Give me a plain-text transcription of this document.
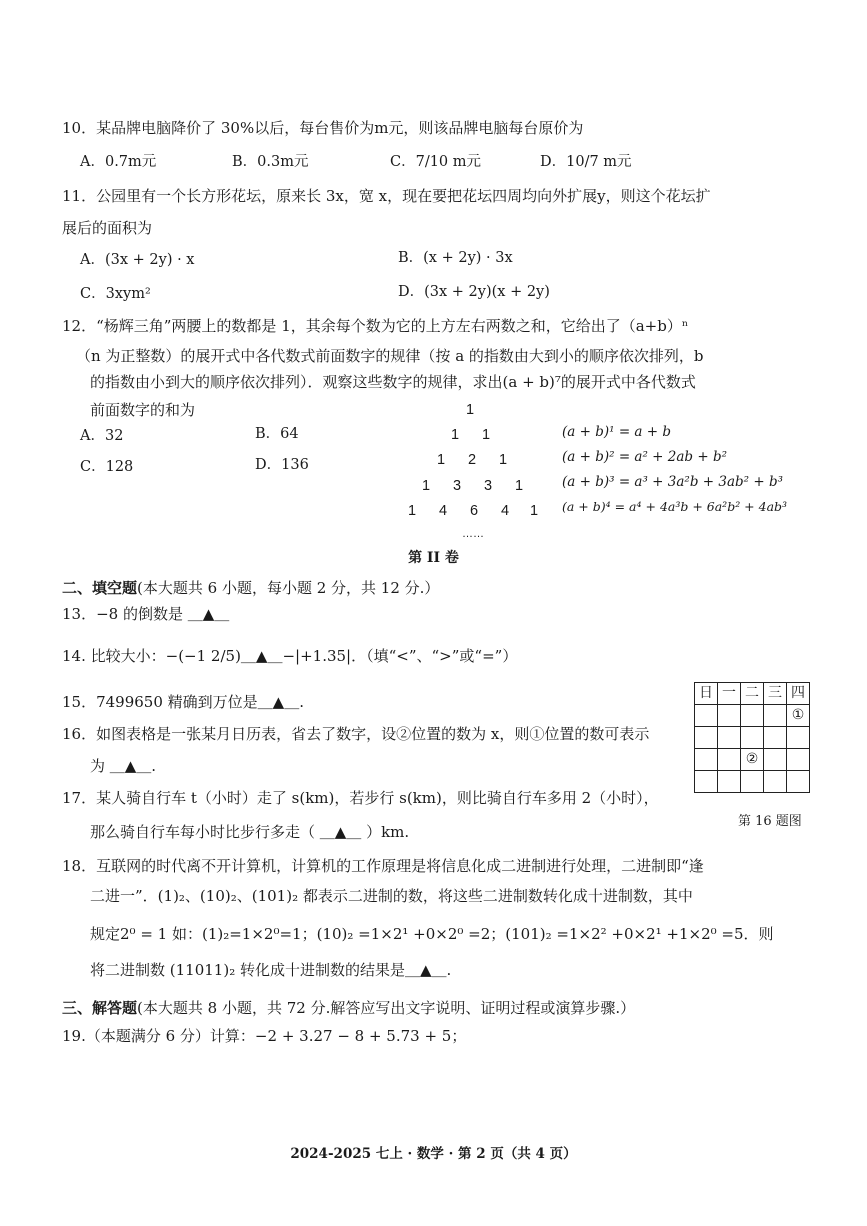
10．某品牌电脑降价了 30%以后，每台售价为m元，则该品牌电脑每台原价为
A．0.7m元	B．0.3m元	C．7/10 m元	D．10/7 m元
11．公园里有一个长方形花坛，原来长 3x，宽 x，现在要把花坛四周均向外扩展y，则这个花坛扩
展后的面积为
A．(3x + 2y) · x	B．(x + 2y) · 3x
C．3xym²	D．(3x + 2y)(x + 2y)
12．“杨辉三角”两腰上的数都是 1，其余每个数为它的上方左右两数之和，它给出了（a+b）ⁿ
（n 为正整数）的展开式中各代数式前面数字的规律（按 a 的指数由大到小的顺序依次排列，b
的指数由小到大的顺序依次排列）．观察这些数字的规律，求出(a + b)⁷的展开式中各代数式
前面数字的和为
A．32	B．64
C．128	D．136
1
1 1
1 2 1
1 3 3 1
1 4 6 4 1
……
(a + b)¹ = a + b
(a + b)² = a² + 2ab + b²
(a + b)³ = a³ + 3a²b + 3ab² + b³
(a + b)⁴ = a⁴ + 4a³b + 6a²b² + 4ab³
第 II 卷
二、填空题(本大题共 6 小题，每小题 2 分，共 12 分.）
13．−8 的倒数是 ＿▲＿
14. 比较大小：−(−1 2/5)＿▲＿−|+1.35|．（填“<”、“>”或“=”）
15．7499650 精确到万位是＿▲＿.
16．如图表格是一张某月日历表，省去了数字，设②位置的数为 x，则①位置的数可表示
为 ＿▲＿.
日	一	二	三	四
				①

		②		

第 16 题图
17．某人骑自行车 t（小时）走了 s(km)，若步行 s(km)，则比骑自行车多用 2（小时），
那么骑自行车每小时比步行多走（ ＿▲＿ ）km.
18．互联网的时代离不开计算机，计算机的工作原理是将信息化成二进制进行处理，二进制即“逢
二进一”．(1)₂、(10)₂、(101)₂ 都表示二进制的数，将这些二进制数转化成十进制数，其中
规定2⁰ = 1 如：(1)₂=1×2⁰=1；(10)₂ =1×2¹ +0×2⁰ =2；(101)₂ =1×2² +0×2¹ +1×2⁰ =5．则
将二进制数 (11011)₂ 转化成十进制数的结果是＿▲＿.
三、解答题(本大题共 8 小题，共 72 分.解答应写出文字说明、证明过程或演算步骤.）
19.（本题满分 6 分）计算：−2 + 3.27 − 8 + 5.73 + 5；
2024-2025 七上 · 数学 · 第 2 页（共 4 页）
